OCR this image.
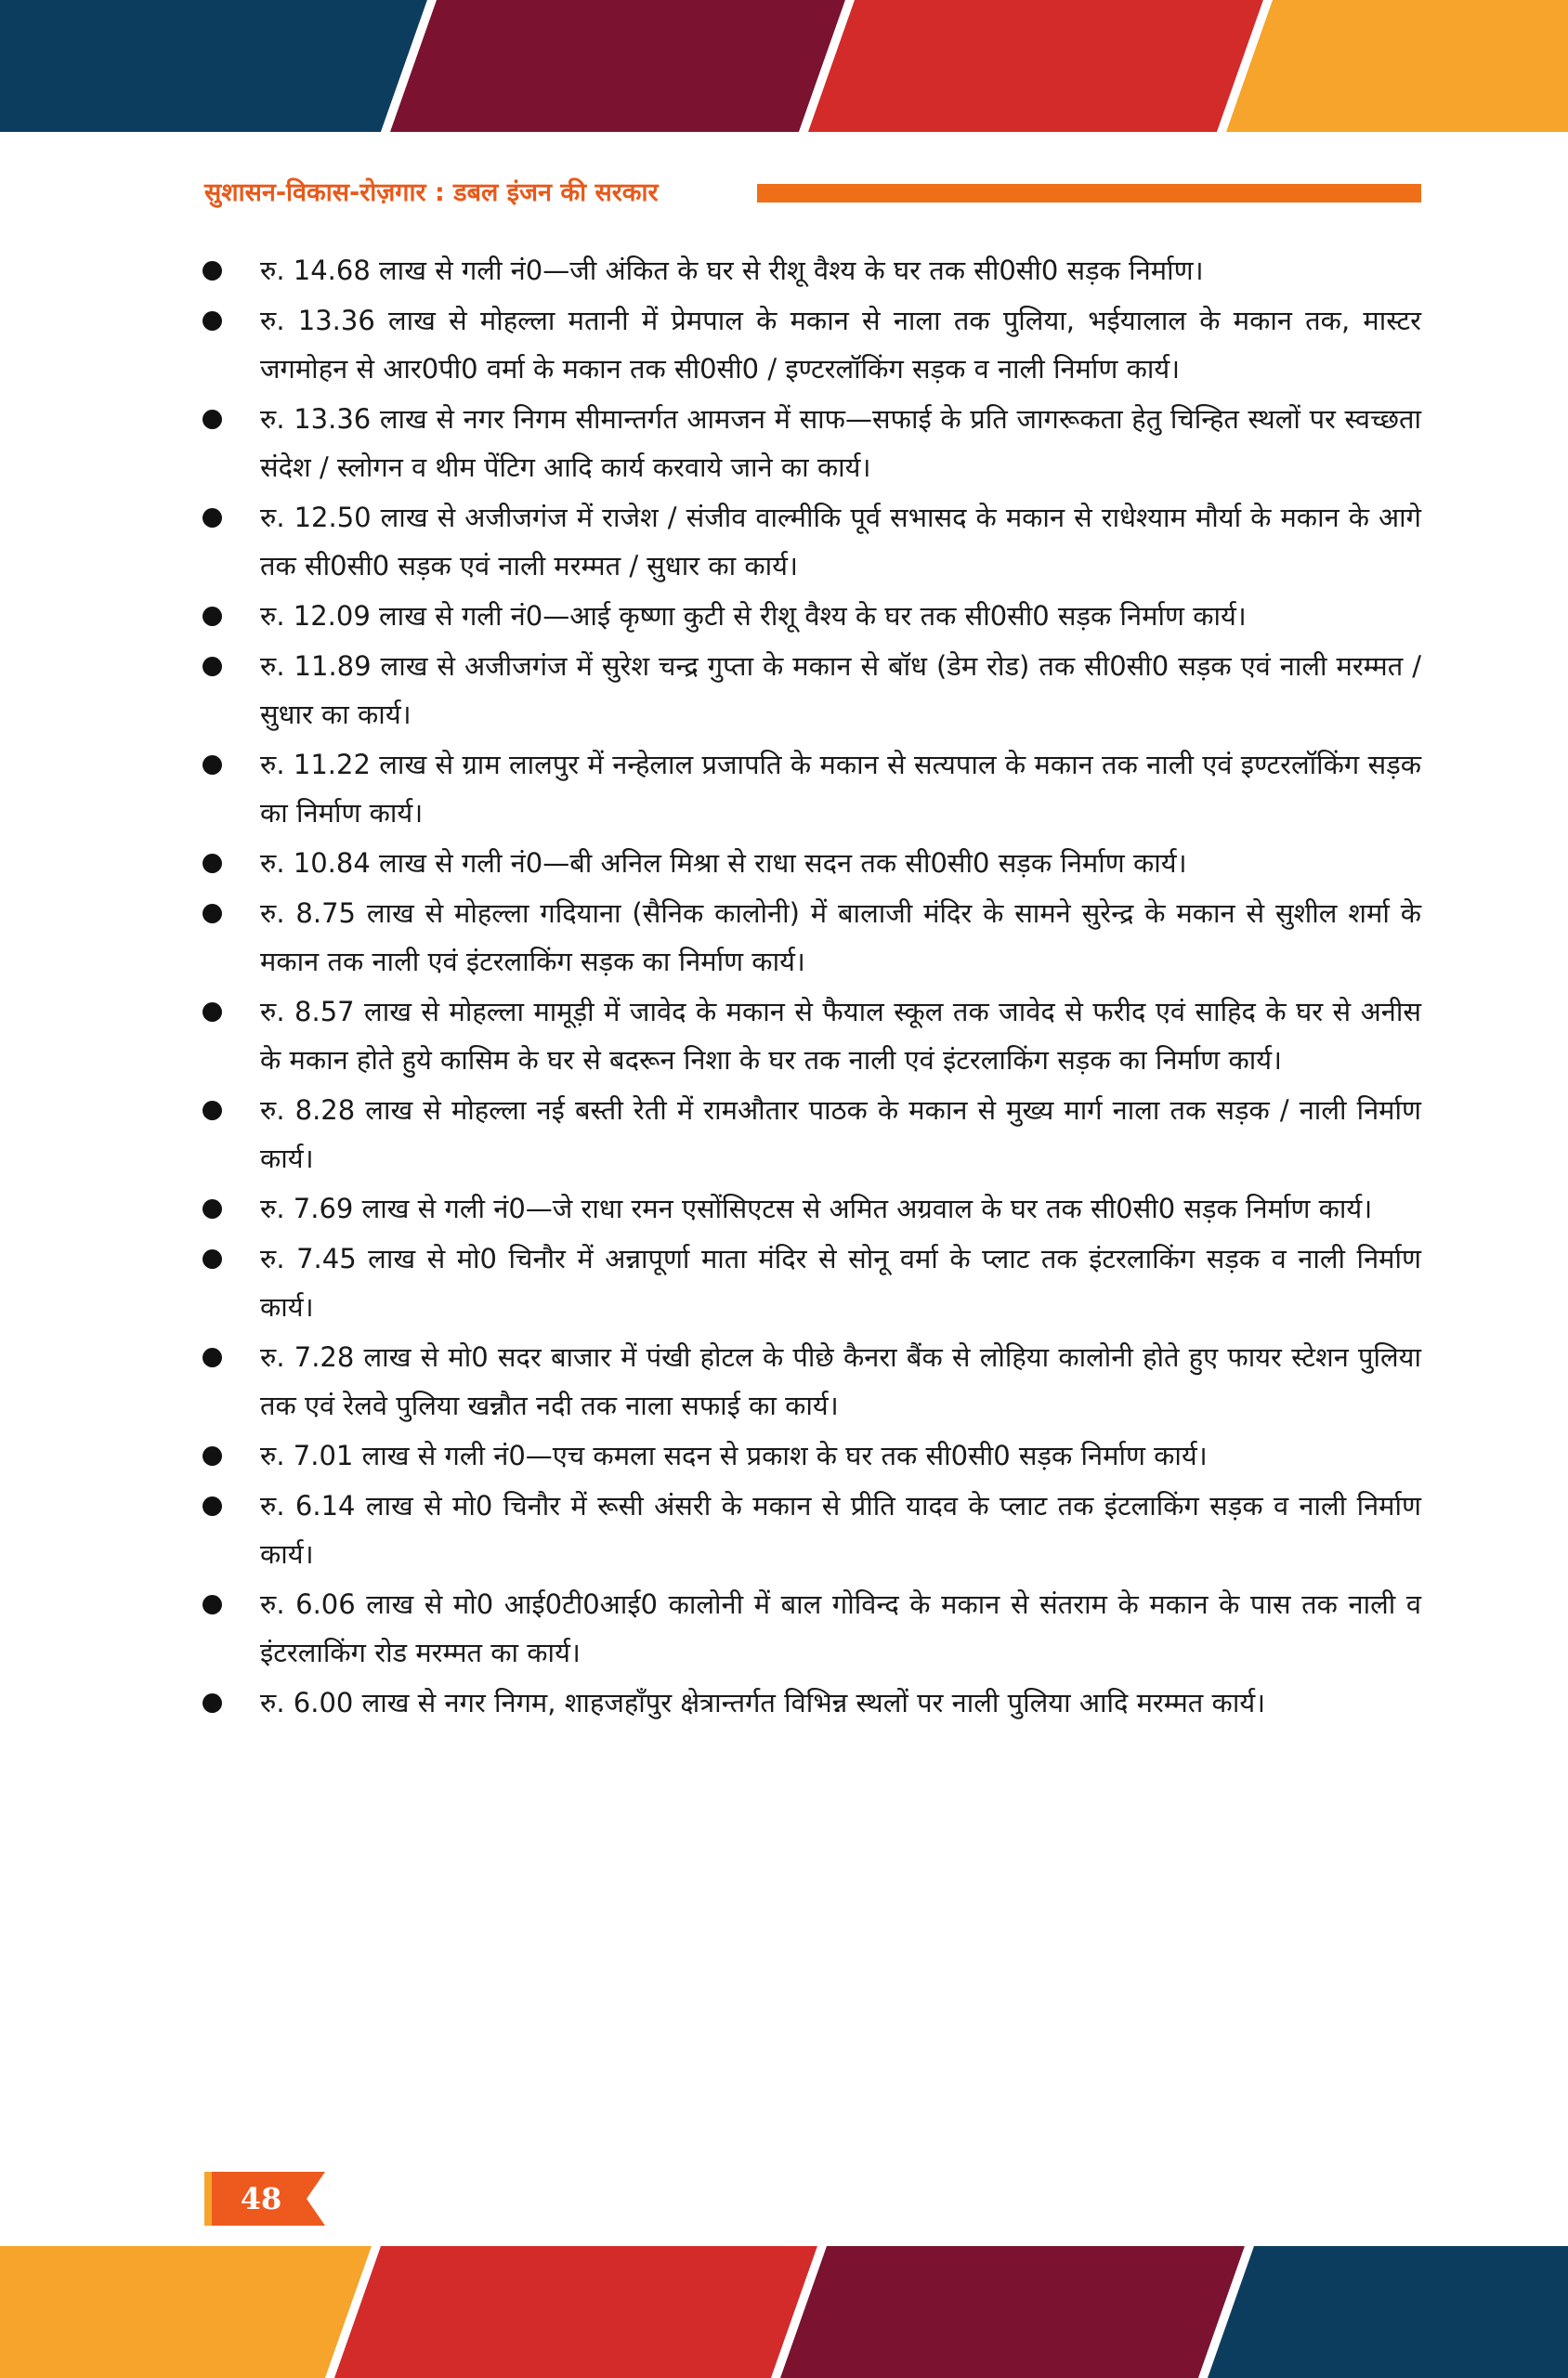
सुशासन-विकास-रोज़गार : डबल इंजन की सरकार
रु. 14.68 लाख से गली नं0—जी अंकित के घर से रीशू वैश्य के घर तक सी0सी0 सड़क निर्माण।
रु. 13.36 लाख से मोहल्ला मतानी में प्रेमपाल के मकान से नाला तक पुलिया, भईयालाल के मकान तक, मास्टर जगमोहन से आर0पी0 वर्मा के मकान तक सी0सी0 / इण्टरलॉकिंग सड़क व नाली निर्माण कार्य।
रु. 13.36 लाख से नगर निगम सीमान्तर्गत आमजन में साफ—सफाई के प्रति जागरूकता हेतु चिन्हित स्थलों पर स्वच्छता संदेश / स्लोगन व थीम पेंटिग आदि कार्य करवाये जाने का कार्य।
रु. 12.50 लाख से अजीजगंज में राजेश / संजीव वाल्मीकि पूर्व सभासद के मकान से राधेश्याम मौर्या के मकान के आगे तक सी0सी0 सड़क एवं नाली मरम्मत / सुधार का कार्य।
रु. 12.09 लाख से गली नं0—आई कृष्णा कुटी से रीशू वैश्य के घर तक सी0सी0 सड़क निर्माण कार्य।
रु. 11.89 लाख से अजीजगंज में सुरेश चन्द्र गुप्ता के मकान से बॉध (डेम रोड) तक सी0सी0 सड़क एवं नाली मरम्मत / सुधार का कार्य।
रु. 11.22 लाख से ग्राम लालपुर में नन्हेलाल प्रजापति के मकान से सत्यपाल के मकान तक नाली एवं इण्टरलॉकिंग सड़क का निर्माण कार्य।
रु. 10.84 लाख से गली नं0—बी अनिल मिश्रा से राधा सदन तक सी0सी0 सड़क निर्माण कार्य।
रु. 8.75 लाख से मोहल्ला गदियाना (सैनिक कालोनी) में बालाजी मंदिर के सामने सुरेन्द्र के मकान से सुशील शर्मा के मकान तक नाली एवं इंटरलाकिंग सड़क का निर्माण कार्य।
रु. 8.57 लाख से मोहल्ला मामूड़ी में जावेद के मकान से फैयाल स्कूल तक जावेद से फरीद एवं साहिद के घर से अनीस के मकान होते हुये कासिम के घर से बदरून निशा के घर तक नाली एवं इंटरलाकिंग सड़क का निर्माण कार्य।
रु. 8.28 लाख से मोहल्ला नई बस्ती रेती में रामऔतार पाठक के मकान से मुख्य मार्ग नाला तक सड़क / नाली निर्माण कार्य।
रु. 7.69 लाख से गली नं0—जे राधा रमन एसोंसिएटस से अमित अग्रवाल के घर तक सी0सी0 सड़क निर्माण कार्य।
रु. 7.45 लाख से मो0 चिनौर में अन्नापूर्णा माता मंदिर से सोनू वर्मा के प्लाट तक इंटरलाकिंग सड़क व नाली निर्माण कार्य।
रु. 7.28 लाख से मो0 सदर बाजार में पंखी होटल के पीछे कैनरा बैंक से लोहिया कालोनी होते हुए फायर स्टेशन पुलिया तक एवं रेलवे पुलिया खन्नौत नदी तक नाला सफाई का कार्य।
रु. 7.01 लाख से गली नं0—एच कमला सदन से प्रकाश के घर तक सी0सी0 सड़क निर्माण कार्य।
रु. 6.14 लाख से मो0 चिनौर में रूसी अंसरी के मकान से प्रीति यादव के प्लाट तक इंटलाकिंग सड़क व नाली निर्माण कार्य।
रु. 6.06 लाख से मो0 आई0टी0आई0 कालोनी में बाल गोविन्द के मकान से संतराम के मकान के पास तक नाली व इंटरलाकिंग रोड मरम्मत का कार्य।
रु. 6.00 लाख से नगर निगम, शाहजहाँपुर क्षेत्रान्तर्गत विभिन्न स्थलों पर नाली पुलिया आदि मरम्मत कार्य।
48
